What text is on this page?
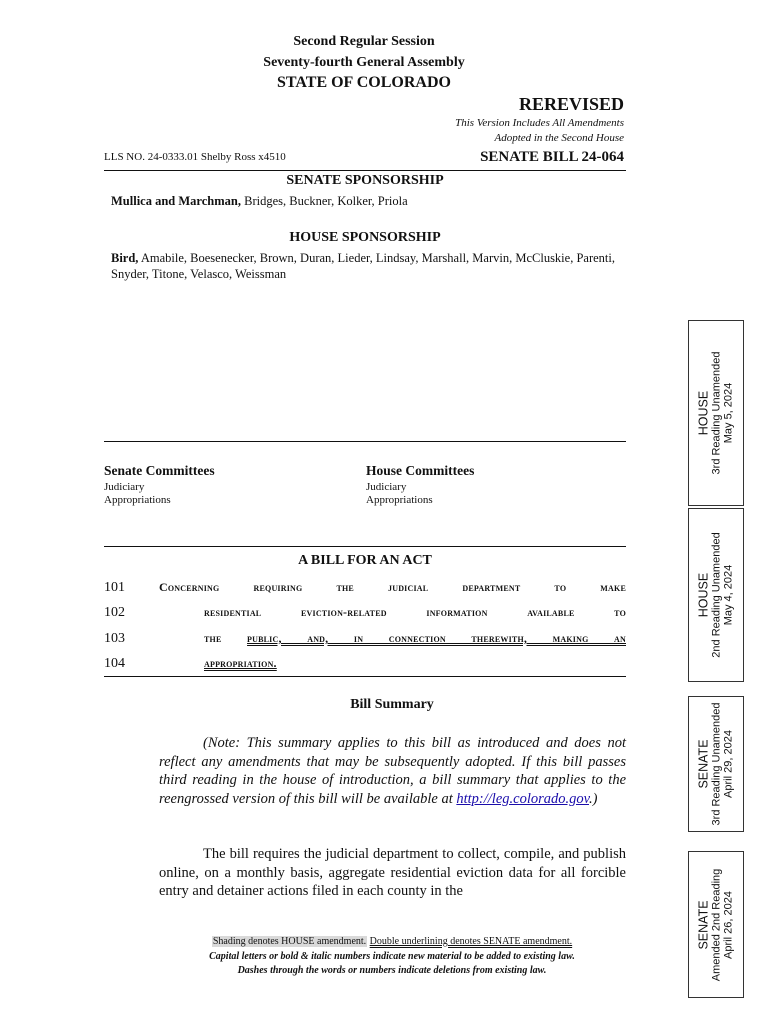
Second Regular Session
Seventy-fourth General Assembly
STATE OF COLORADO
REREVISED
This Version Includes All Amendments
Adopted in the Second House
LLS NO. 24-0333.01 Shelby Ross x4510	SENATE BILL 24-064
SENATE SPONSORSHIP
Mullica and Marchman, Bridges, Buckner, Kolker, Priola
HOUSE SPONSORSHIP
Bird, Amabile, Boesenecker, Brown, Duran, Lieder, Lindsay, Marshall, Marvin, McCluskie, Parenti, Snyder, Titone, Velasco, Weissman
Senate Committees
Judiciary
Appropriations
House Committees
Judiciary
Appropriations
A BILL FOR AN ACT
101	Concerning requiring the judicial department to make
102	residential eviction-related information available to
103	the public, and, in connection therewith, making an
104	appropriation.
Bill Summary
(Note: This summary applies to this bill as introduced and does not reflect any amendments that may be subsequently adopted. If this bill passes third reading in the house of introduction, a bill summary that applies to the reengrossed version of this bill will be available at http://leg.colorado.gov.)
The bill requires the judicial department to collect, compile, and publish online, on a monthly basis, aggregate residential eviction data for all forcible entry and detainer actions filed in each county in the
Shading denotes HOUSE amendment. Double underlining denotes SENATE amendment.
Capital letters or bold & italic numbers indicate new material to be added to existing law.
Dashes through the words or numbers indicate deletions from existing law.
HOUSE 3rd Reading Unamended May 5, 2024
HOUSE 2nd Reading Unamended May 4, 2024
SENATE 3rd Reading Unamended April 29, 2024
SENATE Amended 2nd Reading April 26, 2024
